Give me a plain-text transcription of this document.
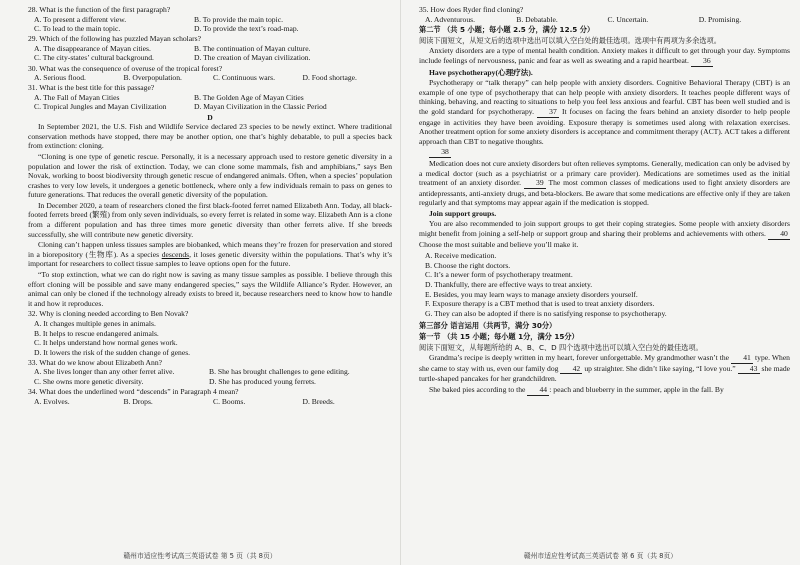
28. What is the function of the first paragraph?
A. To present a different view.	B. To provide the main topic.
C. To lead to the main topic.	D. To provide the text’s road-map.
29. Which of the following has puzzled Mayan scholars?
A. The disappearance of Mayan cities.	B. The continuation of Mayan culture.
C. The city-states’ cultural background.	D. The creation of Mayan civilization.
30. What was the consequence of overuse of the tropical forest?
A. Serious flood.	B. Overpopulation.	C. Continuous wars.	D. Food shortage.
31. What is the best title for this passage?
A. The Fall of Mayan Cities	B. The Golden Age of Mayan Cities
C. Tropical Jungles and Mayan Civilization	D. Mayan Civilization in the Classic Period
D

In September 2021, the U.S. Fish and Wildlife Service declared 23 species to be newly extinct. Where traditional conservation methods have stopped, there may be another option, one that’s highly debatable, to pull a species back from extinction: cloning.

“Cloning is one type of genetic rescue. Personally, it is a necessary approach used to restore genetic diversity in a population and lower the risk of extinction. Today, we can clone some mammals, fish and amphibians,” says Ben Novak, working to boost biodiversity through genetic rescue of endangered animals. Often, when a species’ population crashes to very low levels, it undergoes a genetic bottleneck, where only a few individuals remain to pass on genes to future generations. That reduces the overall genetic diversity of the population.

In December 2020, a team of researchers cloned the first black-footed ferret named Elizabeth Ann. Today, all black-footed ferrets breed (繁殖) from only seven individuals, so every ferret is related in some way. Elizabeth Ann is a clone from a different population and has three times more genetic diversity than other ferrets alive. If she breeds successfully, she will contribute new genetic diversity.

Cloning can’t happen unless tissues samples are biobanked, which means they’re frozen for preservation and stored in a biorepository (生物库). As a species descends, it loses genetic diversity within the populations. That’s why it’s important for researchers to collect tissue samples to leave options open for the future.

“To stop extinction, what we can do right now is saving as many tissue samples as possible. I believe through this effort cloning will be possible and save many endangered species,” says the Wildlife Alliance’s Ryder. However, an animal can only be cloned if the technology already exists to breed it, because researchers need to know how to handle it and how it reproduces.

32. Why is cloning needed according to Ben Novak?
A. It changes multiple genes in animals.
B. It helps to rescue endangered animals.
C. It helps understand how normal genes work.
D. It lowers the risk of the sudden change of genes.
33. What do we know about Elizabeth Ann?
A. She lives longer than any other ferret alive.	B. She has brought challenges to gene editing.
C. She owns more genetic diversity.	D. She has produced young ferrets.
34. What does the underlined word “descends” in Paragraph 4 mean?
A. Evolves.	B. Drops.	C. Booms.	D. Breeds.
赣州市适应性考试高三英语试卷 第 5 页（共 8页）
35. How does Ryder find cloning?
A. Adventurous.	B. Debatable.	C. Uncertain.	D. Promising.
第二节 （共 5 小题；每小题 2.5 分，满分 12.5 分）
阅读下面短文，从短文后的选项中选出可以填入空白处的最佳选项。选项中有两项为多余选项。

Anxiety disorders are a type of mental health condition. Anxiety makes it difficult to get through your day. Symptoms include feelings of nervousness, panic and fear as well as sweating and a rapid heartbeat. 36

Have psychotherapy(心理疗法).

Psychotherapy or “talk therapy” can help people with anxiety disorders. Cognitive Behavioral Therapy (CBT) is an example of one type of psychotherapy that can help people with anxiety disorders. It teaches people different ways of thinking, behaving, and reacting to situations to help you feel less anxious and fearful. CBT has been well studied and is the gold standard for psychotherapy. 37 It focuses on facing the fears behind an anxiety disorder to help people engage in activities they have been avoiding. Exposure therapy is sometimes used along with relaxation exercises. Another treatment option for some anxiety disorders is acceptance and commitment therapy (ACT). ACT takes a different approach than CBT to negative thoughts.

38

Medication does not cure anxiety disorders but often relieves symptoms. Generally, medication can only be advised by a medical doctor (such as a psychiatrist or a primary care provider). Medications are sometimes used as the initial treatment of an anxiety disorder. 39 The most common classes of medications used to fight anxiety disorders are antidepressants, anti-anxiety drugs, and beta-blockers. Be aware that some medications are effective only if they are taken regularly and that symptoms may appear again if the medication is stopped.

Join support groups.

You are also recommended to join support groups to get their coping strategies. Some people with anxiety disorders might benefit from joining a self-help or support group and sharing their problems and achievements with others. 40 Choose the most suitable and believe you’ll make it.

A. Receive medication.
B. Choose the right doctors.
C. It’s a newer form of psychotherapy treatment.
D. Thankfully, there are effective ways to treat anxiety.
E. Besides, you may learn ways to manage anxiety disorders yourself.
F. Exposure therapy is a CBT method that is used to treat anxiety disorders.
G. They can also be adopted if there is no satisfying response to psychotherapy.
第三部分 语言运用（共两节，满分 30分）
第一节 （共 15 小题；每小题 1分，满分 15分）
阅读下面短文，从每题所给的 A、B、C、D 四个选项中选出可以填入空白处的最佳选项。

Grandma’s recipe is deeply written in my heart, forever unforgettable. My grandmother wasn’t the 41 type. When she came to stay with us, even our family dog 42 up straighter. She didn’t like saying, “I love you.” 43 she made turtle-shaped pancakes for her grandchildren.

She baked pies according to the 44 : peach and blueberry in the summer, apple in the fall. By

赣州市适应性考试高三英语试卷 第 6 页（共 8页）
